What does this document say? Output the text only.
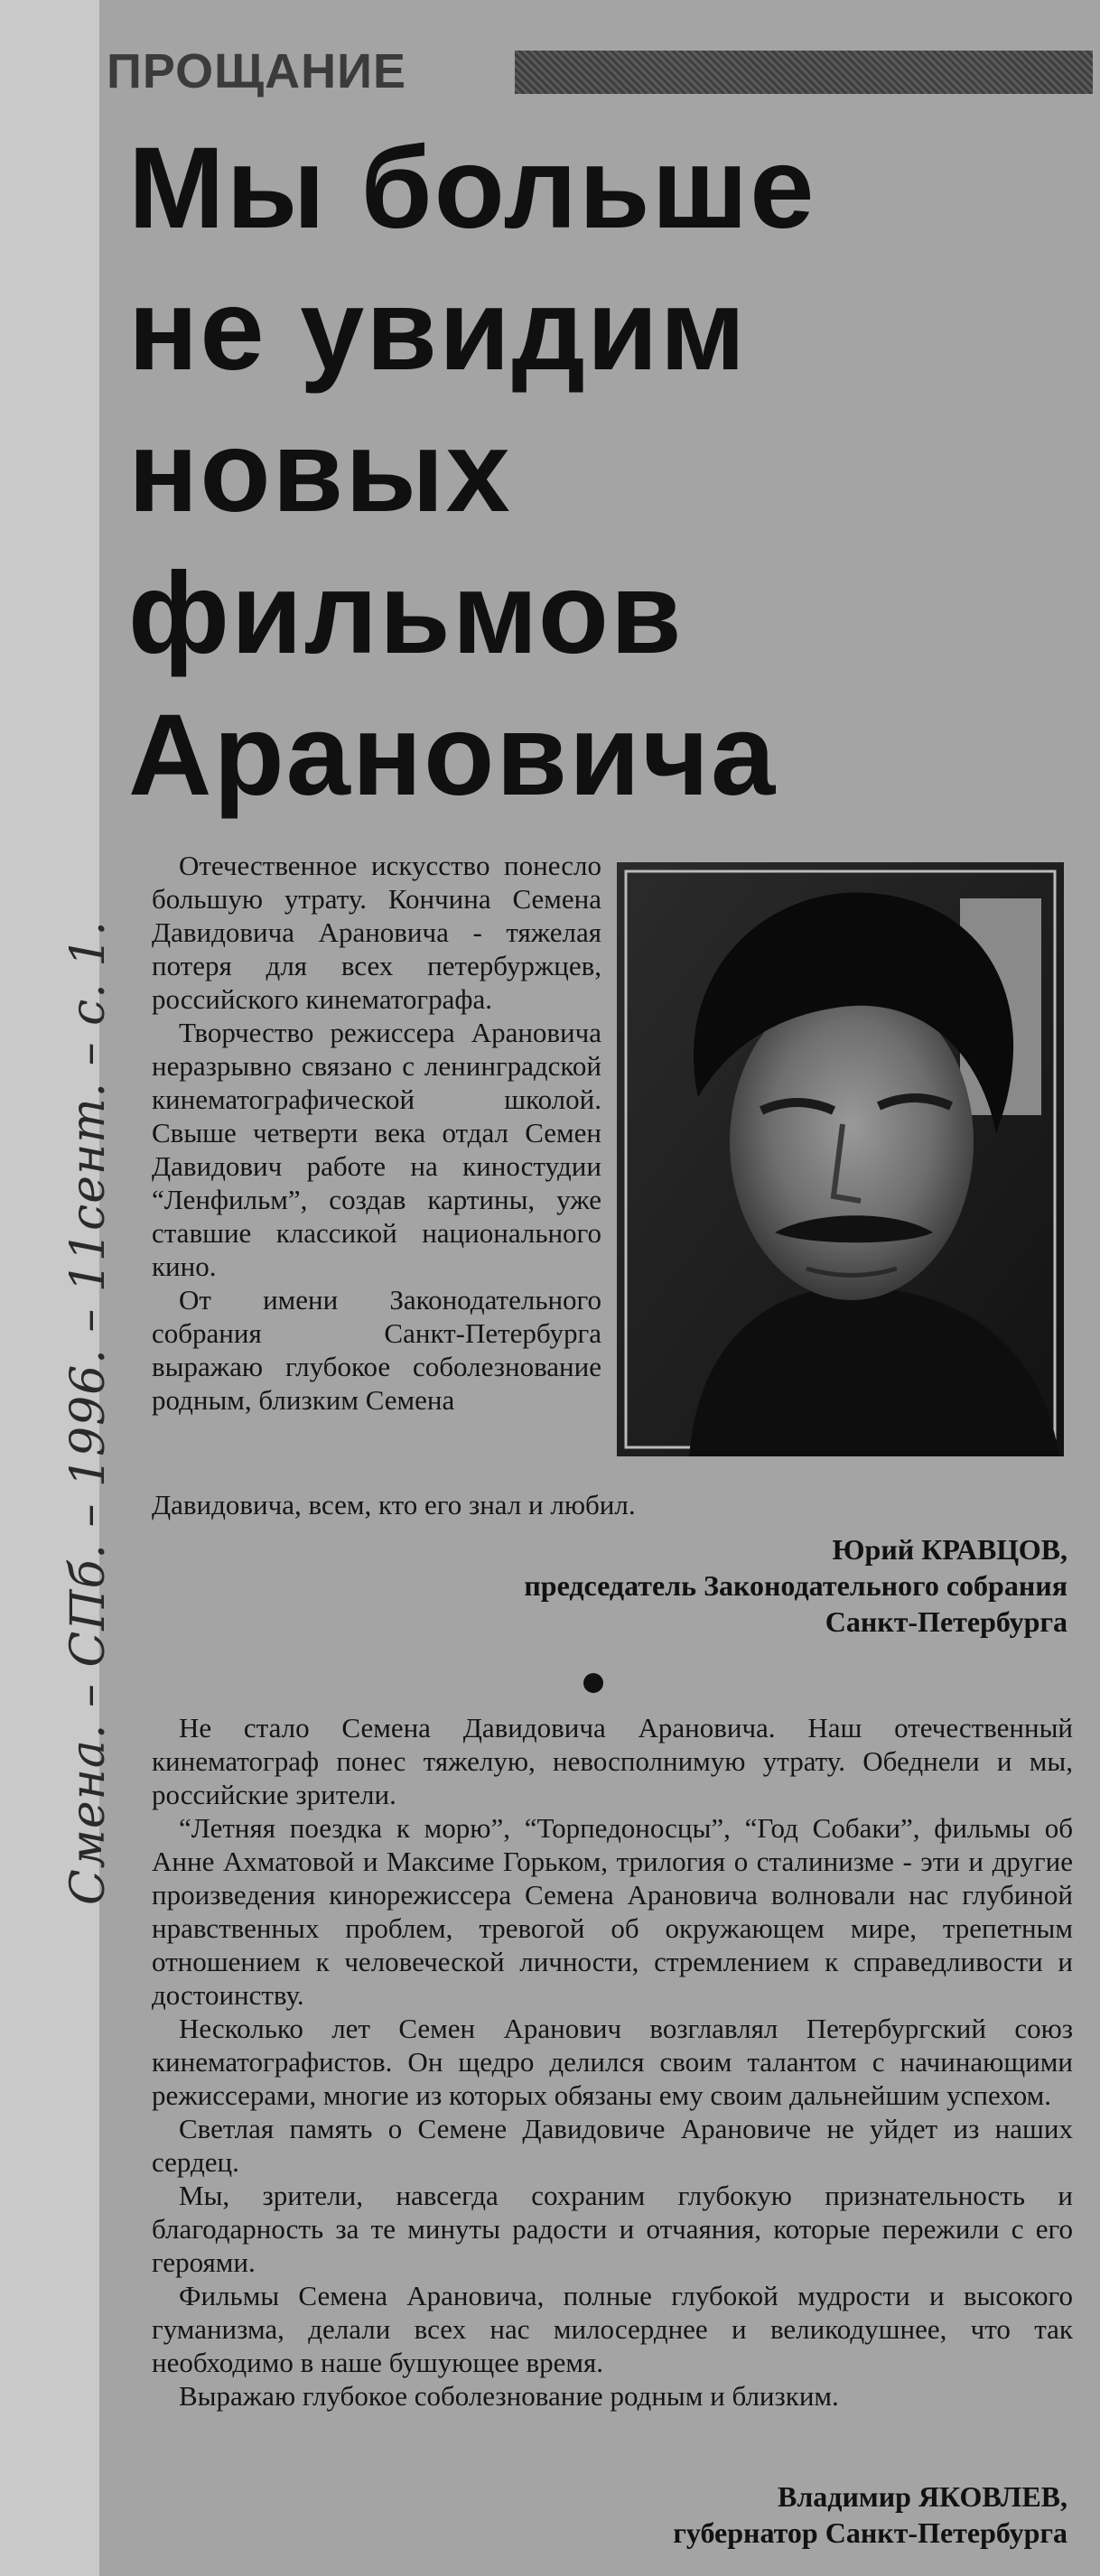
Смена. – СПб. – 1996. – 11сент. – с. 1.
ПРОЩАНИЕ
Мы больше
не увидим
новых
фильмов
Арановича

Отечественное искусство понесло большую утрату. Кончина Семена Давидовича Арановича - тяжелая потеря для всех петербуржцев, российского кинематографа.

Творчество режиссера Арановича неразрывно связано с ленинградской кинематографической школой. Свыше четверти века отдал Семен Давидович работе на киностудии “Ленфильм”, создав картины, уже ставшие классикой национального кино.

От имени Законодательного собрания Санкт-Петербурга выражаю глубокое соболезнование родным, близким Семена

Давидовича, всем, кто его знал и любил.

Юрий КРАВЦОВ,
председатель Законодательного собрания
Санкт-Петербурга

Не стало Семена Давидовича Арановича. Наш отечественный кинематограф понес тяжелую, невосполнимую утрату. Обеднели и мы, российские зрители.

“Летняя поездка к морю”, “Торпедоносцы”, “Год Собаки”, фильмы об Анне Ахматовой и Максиме Горьком, трилогия о сталинизме - эти и другие произведения кинорежиссера Семена Арановича волновали нас глубиной нравственных проблем, тревогой об окружающем мире, трепетным отношением к человеческой личности, стремлением к справедливости и достоинству.

Несколько лет Семен Аранович возглавлял Петербургский союз кинематографистов. Он щедро делился своим талантом с начинающими режиссерами, многие из которых обязаны ему своим дальнейшим успехом.

Светлая память о Семене Давидовиче Арановиче не уйдет из наших сердец.

Мы, зрители, навсегда сохраним глубокую признательность и благодарность за те минуты радости и отчаяния, которые пережили с его героями.

Фильмы Семена Арановича, полные глубокой мудрости и высокого гуманизма, делали всех нас милосерднее и великодушнее, что так необходимо в наше бушующее время.

Выражаю глубокое соболезнование родным и близким.

Владимир ЯКОВЛЕВ,
губернатор Санкт-Петербурга
